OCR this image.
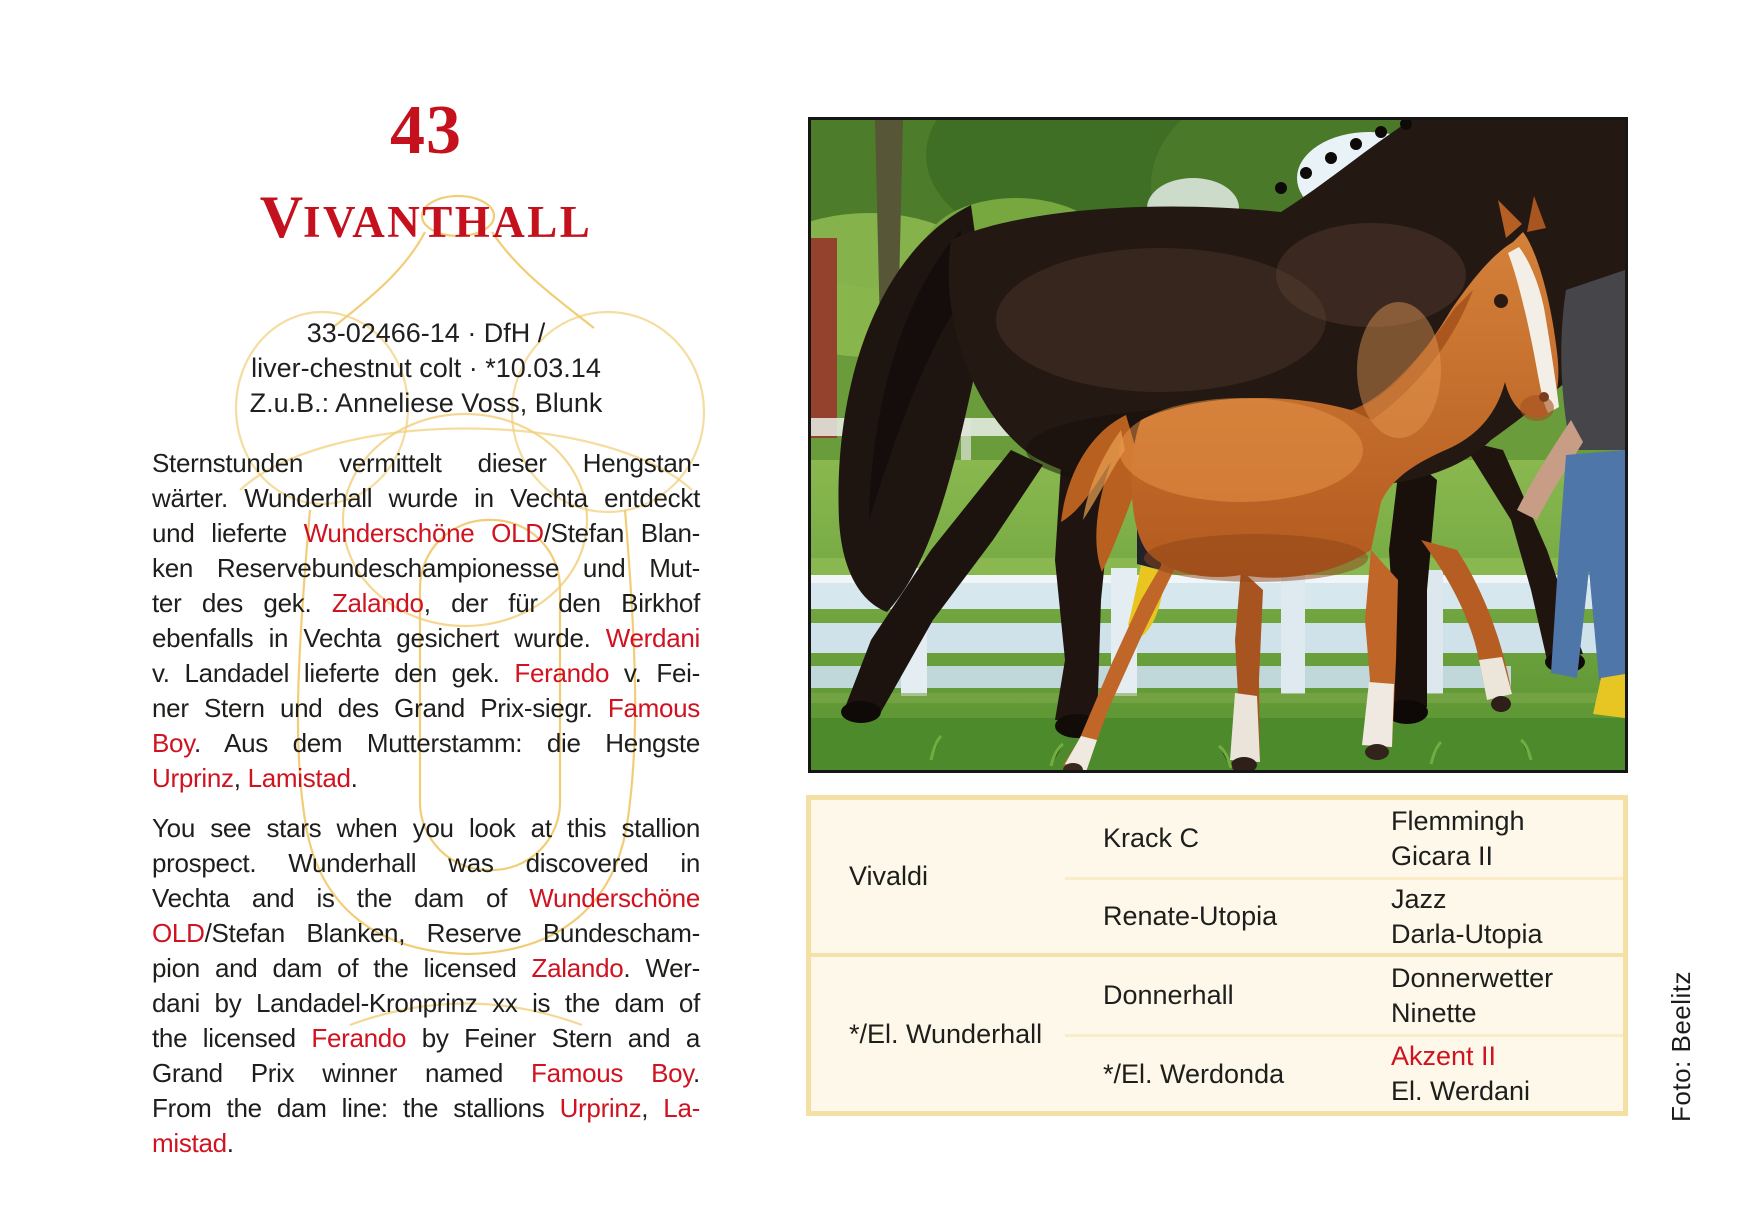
43
VIVANTHALL
33-02466-14 · DfH /
liver-chestnut colt · *10.03.14
Z.u.B.: Anneliese Voss, Blunk
Sternstunden vermittelt dieser Hengstan-
wärter. Wunderhall wurde in Vechta entdeckt
und lieferte Wunderschöne OLD/Stefan Blan-
ken Reservebundeschampionesse und Mut-
ter des gek. Zalando, der für den Birkhof
ebenfalls in Vechta gesichert wurde. Werdani
v. Landadel lieferte den gek. Ferando v. Fei-
ner Stern und des Grand Prix-siegr. Famous
Boy. Aus dem Mutterstamm: die Hengste
Urprinz, Lamistad.
You see stars when you look at this stallion
prospect. Wunderhall was discovered in
Vechta and is the dam of Wunderschöne
OLD/Stefan Blanken, Reserve Bundescham-
pion and dam of the licensed Zalando. Wer-
dani by Landadel-Kronprinz xx is the dam of
the licensed Ferando by Feiner Stern and a
Grand Prix winner named Famous Boy.
From the dam line: the stallions Urprinz, La-
mistad.
Vivaldi
Krack C
Flemmingh
Gicara II
Renate-Utopia
Jazz
Darla-Utopia
*/El. Wunderhall
Donnerhall
Donnerwetter
Ninette
*/El. Werdonda
Akzent II
El. Werdani	Foto: Beelitz
